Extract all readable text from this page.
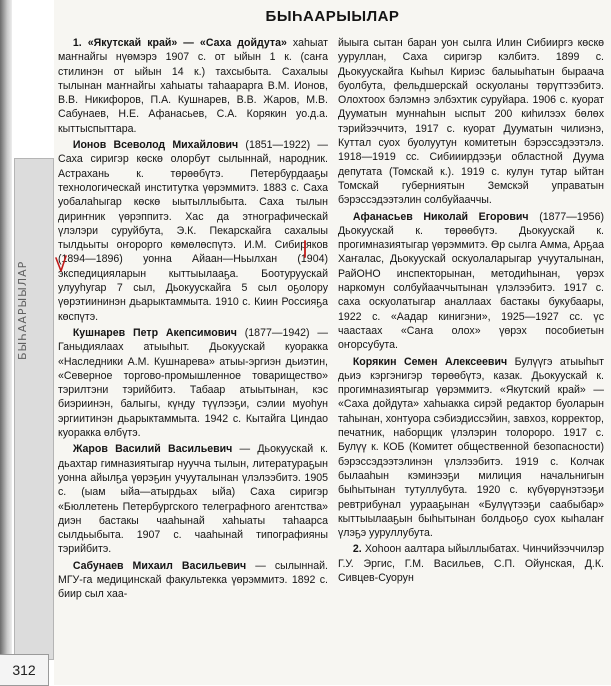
БЫҺААРЫЫЛАР
БЫҺААРЫЫЛАР

1. «Якутскай край» — «Саха дойдута» хаһыат маҥнайгы нүөмэрэ 1907 с. от ыйын 1 к. (саҥа стилинэн от ыйын 14 к.) тахсыбыта. Сахалыы тылынан маҥнайгы хаһыаты таһаарарга В.М. Ионов, В.В. Никифоров, П.А. Кушнарев, В.В. Жаров, М.В. Сабунаев, Н.Е. Афанасьев, С.А. Корякин уо.д.а. кыттыспыттара.

Ионов Всеволод Михайлович (1851—1922) — Саха сиригэр көскө олорбут сылыннай, народник. Астрахань к. төрөөбүтэ. Петербурдааҕы технологическай институтка үөрэммитэ. 1883 с. Саха уобалаһыгар көскө ыытыллыбыта. Саха тылын дириҥник үөрэппитэ. Хас да этнографическай үлэлэри суруйбута, Э.К. Пекарскайга сахалыы тылдьыты оҥорорго көмөлөспүтэ. И.М. Сибиряков (1894—1896) уонна Айаан—Ньылхан (1904) экспедицияларын кыттыылааҕа. Боотуруускай улууһугар 7 сыл, Дьокуускайга 5 сыл оҕолору үөрэтиининэн дьарыктаммыта. 1910 с. Киин Россияҕа көспүтэ.

Кушнарев Петр Акепсимович (1877—1942) — Ганыдиялаах атыыһыт. Дьокуускай куоракка «Наследники А.М. Кушнарева» атыы-эргиэн дьиэтин, «Северное торгово-промышленное товарищество» тэрилтэни тэрийбитэ. Табаар атыытынан, кэс биэриинэн, балыгы, күнду түүлээҕи, сэлии муоһун эргиитинэн дьарыктаммыта. 1942 с. Кытайга Циндао куоракка өлбүтэ.

Жаров Василий Васильевич — Дьокуускай к. дьахтар гимназиятыгар нууччa тылын, литератураҕын уонна айылҕа үөрэҕин учууталынан үлэлээбитэ. 1905 с. (ыам ыйа—атырдьах ыйа) Саха сиригэр «Бюллетень Петербургского телеграфного агентства» диэн бастакы чааһынай хаһыаты таһаарса сылдьыбыта. 1907 с. чааһынай типографияны тэрийбитэ.

Сабунаев Михаил Васильевич — сылыннай. МГУ-га медицинскай факультеккa үөрэммитэ. 1892 с. биир сыл хаа-

йыыга сытан баран уон сылга Илин Сибииргэ көскө ууруллан, Саха сиригэр кэлбитэ. 1899 с. Дьокуускайга Кыһыл Кириэс балыыһатын быраача буолбута, фельдшерскай оскуоланы төрүттээбитэ. Олохтоох бэлэмнэ элбэхтик суруйара. 1906 с. куорат Дууматын муннаһын ыспыт 200 киһилээх бөлөх тэрийээччитэ, 1917 с. куорат Дууматын чилиэнэ, Куттал суох буолуутун комитетын бэрэссэдээтэлэ. 1918—1919 сс. Сибииирдээҕи областной Дуума депутата (Томскай к.). 1919 с. кулун тутар ыйтан Томскай губерниятын Земскэй управатын бэрэссэдээтэлин солбуйааччы.

Афанасьев Николай Егорович (1877—1956) Дьокуускай к. төрөөбүтэ. Дьокуускай к. прогимназиятыгар үөрэммитэ. Өр сылга Амма, Арҕаа Хаҥалас, Дьокуускай оскуолаларыгар учууталынан, РайОНО инспекторынан, методиһынан, үөрэх наркомун солбуйааччытынан үлэлээбитэ. 1917 с. саха оскуолатыгар аналлаах бастакы букубаары, 1922 с. «Аадар кинигэни», 1925—1927 сс. үс чаастаах «Саҥа олох» үөрэх пособиетын оҥорсубута.

Корякин Семен Алексеевич Булүүгэ атыыһыт дьиэ кэргэнигэр төрөөбүтэ, казак. Дьокуускай к. прогимназиятыгар үөрэммитэ. «Якутский край» — «Саха дойдута» хаһыакка сирэй редактор буоларын таһынан, хонтуора сэбиэдиссэйин, завхоз, корректор, печатник, наборщик үлэлэрин толороро. 1917 с. Булүү к. КОБ (Комитет общественной безопасности) бэрэссэдээтэлинэн үлэлээбитэ. 1919 с. Колчак былааһын кэминээҕи милиция начальнигын быһытынан тутуллубута. 1920 с. күбүөрүнэтээҕи ревтрибунал уурааҕынан «Булүүтээҕи саабыбар» кыттыылааҕын быһытынан болдьоҕо суох кыһалаҥ үлэҕэ ууруллубута.

2. Хоһоон аалтара ыйыллыбатах. Чинчийээччилэр Г.У. Эргис, Г.М. Васильев, С.П. Ойунская, Д.К. Сивцев-Суорун

312
